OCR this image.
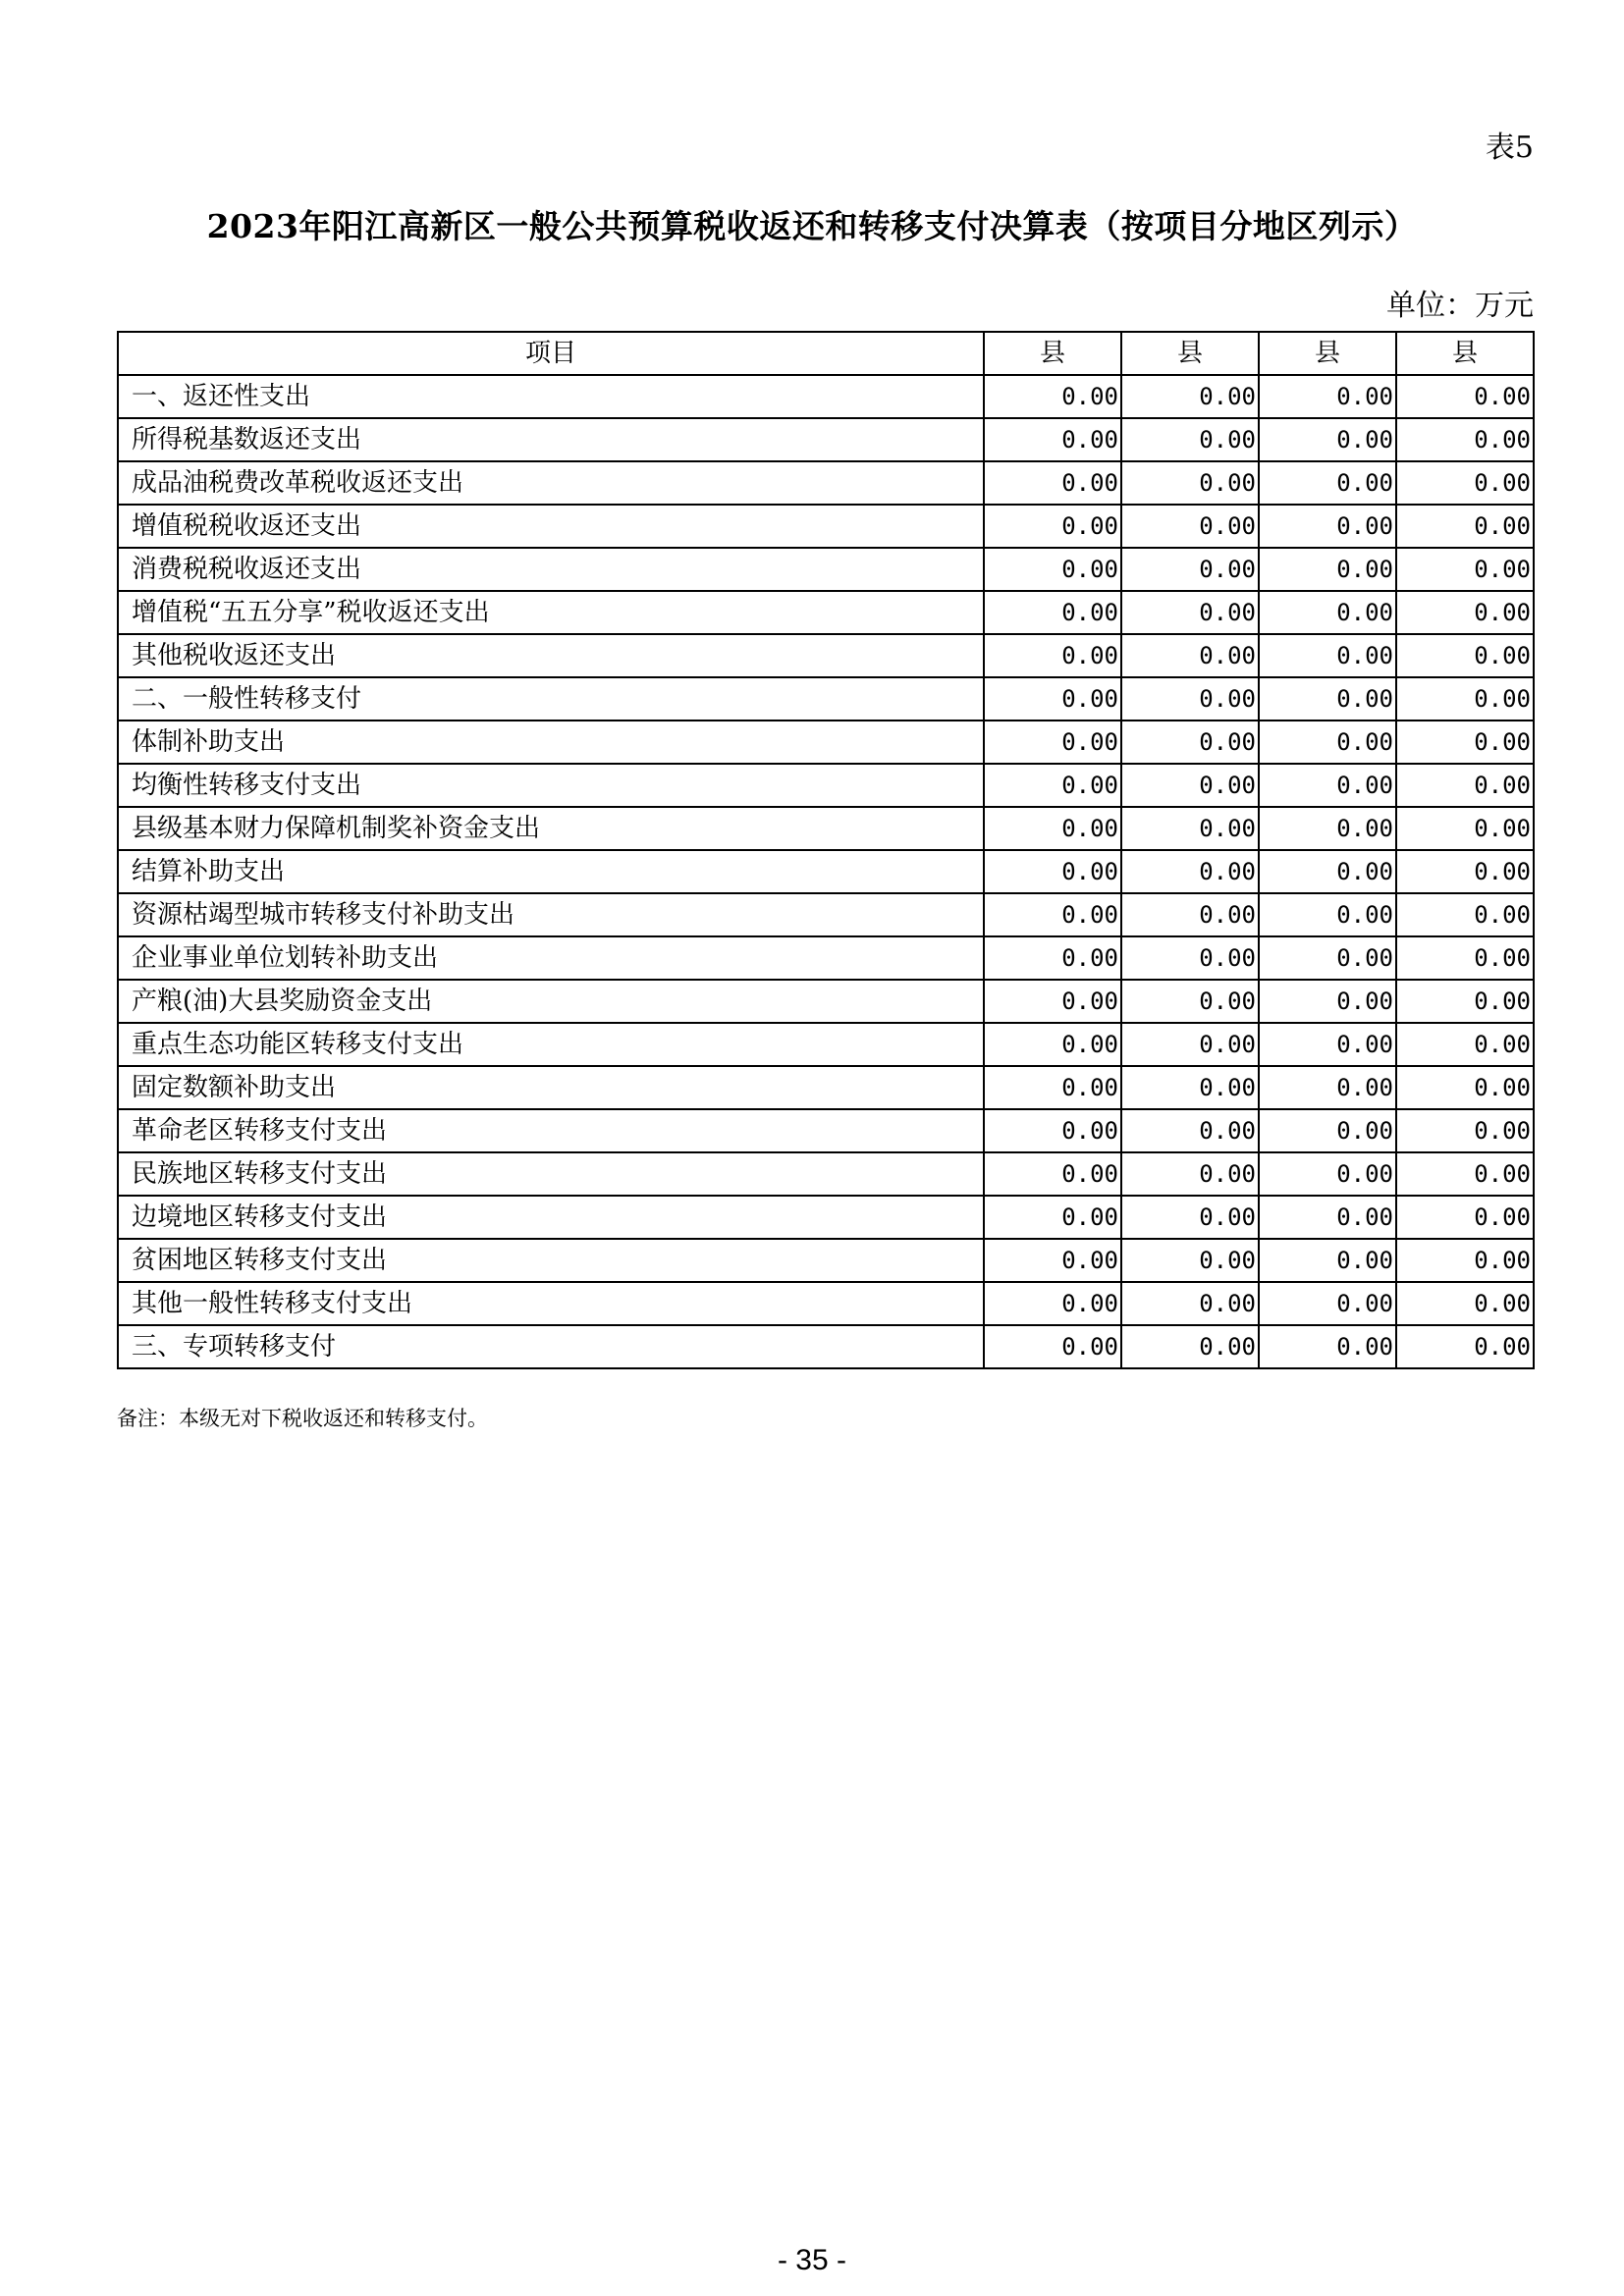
表5
2023年阳江高新区一般公共预算税收返还和转移支付决算表（按项目分地区列示）
单位：万元
项目	县	县	县	县
一、返还性支出	0.00	0.00	0.00	0.00
所得税基数返还支出	0.00	0.00	0.00	0.00
成品油税费改革税收返还支出	0.00	0.00	0.00	0.00
增值税税收返还支出	0.00	0.00	0.00	0.00
消费税税收返还支出	0.00	0.00	0.00	0.00
增值税“五五分享”税收返还支出	0.00	0.00	0.00	0.00
其他税收返还支出	0.00	0.00	0.00	0.00
二、一般性转移支付	0.00	0.00	0.00	0.00
体制补助支出	0.00	0.00	0.00	0.00
均衡性转移支付支出	0.00	0.00	0.00	0.00
县级基本财力保障机制奖补资金支出	0.00	0.00	0.00	0.00
结算补助支出	0.00	0.00	0.00	0.00
资源枯竭型城市转移支付补助支出	0.00	0.00	0.00	0.00
企业事业单位划转补助支出	0.00	0.00	0.00	0.00
产粮(油)大县奖励资金支出	0.00	0.00	0.00	0.00
重点生态功能区转移支付支出	0.00	0.00	0.00	0.00
固定数额补助支出	0.00	0.00	0.00	0.00
革命老区转移支付支出	0.00	0.00	0.00	0.00
民族地区转移支付支出	0.00	0.00	0.00	0.00
边境地区转移支付支出	0.00	0.00	0.00	0.00
贫困地区转移支付支出	0.00	0.00	0.00	0.00
其他一般性转移支付支出	0.00	0.00	0.00	0.00
三、专项转移支付	0.00	0.00	0.00	0.00
备注：本级无对下税收返还和转移支付。
- 35 -
